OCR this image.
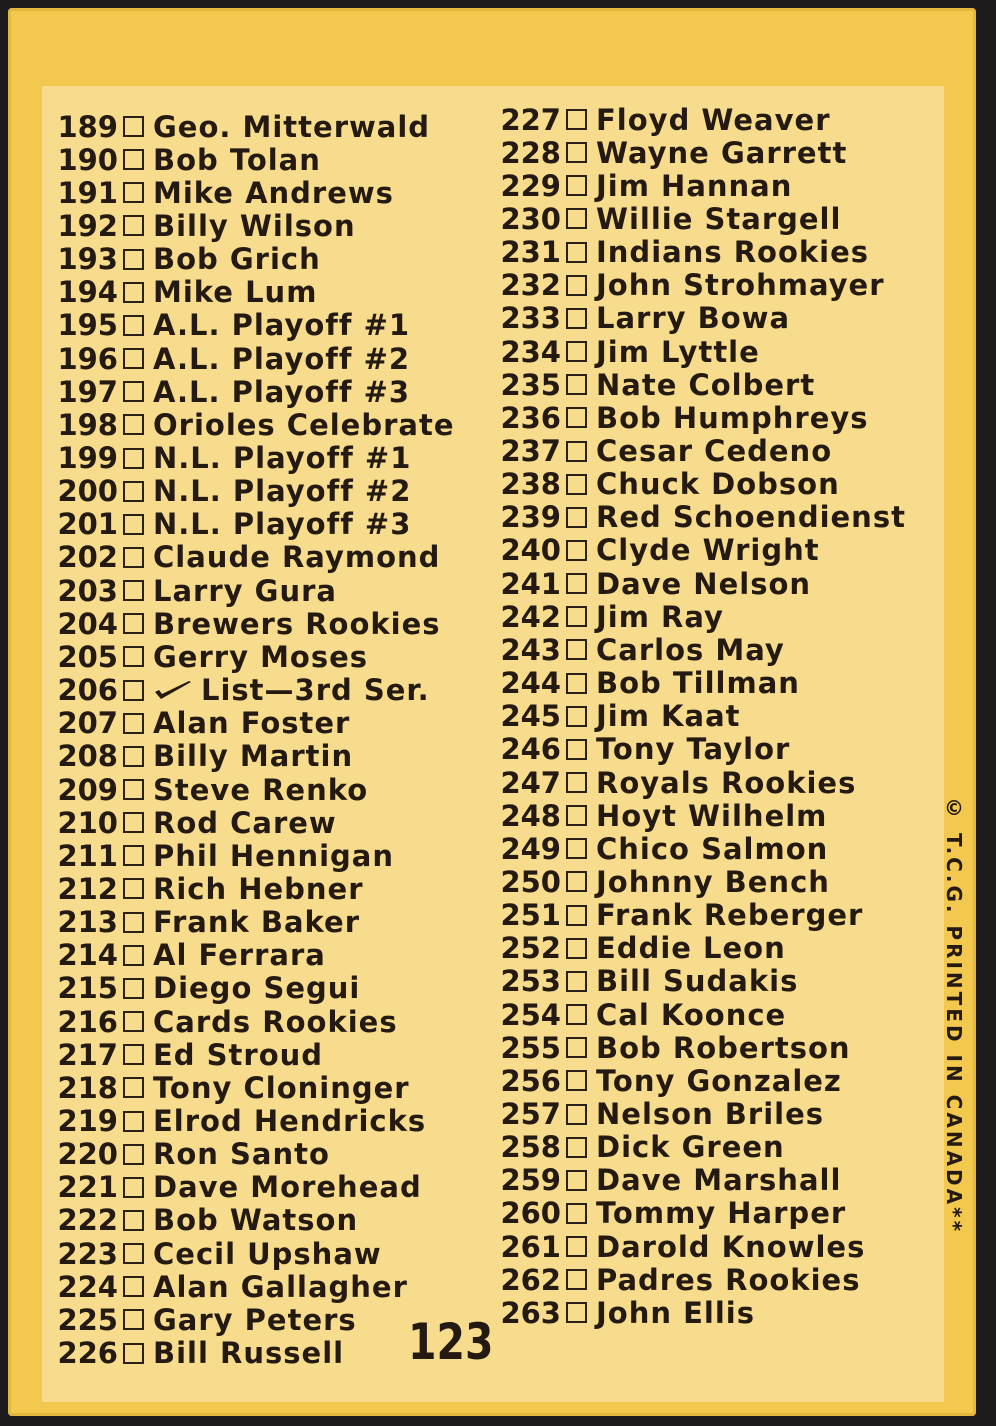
189 Geo. Mitterwald
190 Bob Tolan
191 Mike Andrews
192 Billy Wilson
193 Bob Grich
194 Mike Lum
195 A.L. Playoff #1
196 A.L. Playoff #2
197 A.L. Playoff #3
198 Orioles Celebrate
199 N.L. Playoff #1
200 N.L. Playoff #2
201 N.L. Playoff #3
202 Claude Raymond
203 Larry Gura
204 Brewers Rookies
205 Gerry Moses
206	List—3rd Ser.
207 Alan Foster
208 Billy Martin
209 Steve Renko
210 Rod Carew
211 Phil Hennigan
212 Rich Hebner
213 Frank Baker
214 Al Ferrara
215 Diego Segui
216 Cards Rookies
217 Ed Stroud
218 Tony Cloninger
219 Elrod Hendricks
220 Ron Santo
221 Dave Morehead
222 Bob Watson
223 Cecil Upshaw
224 Alan Gallagher
225 Gary Peters
226 Bill Russell
227 Floyd Weaver
228 Wayne Garrett
229 Jim Hannan
230 Willie Stargell
231 Indians Rookies
232 John Strohmayer
233 Larry Bowa
234 Jim Lyttle
235 Nate Colbert
236 Bob Humphreys
237 Cesar Cedeno
238 Chuck Dobson
239 Red Schoendienst
240 Clyde Wright
241 Dave Nelson
242 Jim Ray
243 Carlos May
244 Bob Tillman
245 Jim Kaat
246 Tony Taylor
247 Royals Rookies
248 Hoyt Wilhelm
249 Chico Salmon
250 Johnny Bench
251 Frank Reberger
252 Eddie Leon
253 Bill Sudakis
254 Cal Koonce
255 Bob Robertson
256 Tony Gonzalez
257 Nelson Briles
258 Dick Green
259 Dave Marshall
260 Tommy Harper
261 Darold Knowles
262 Padres Rookies
263 John Ellis
123
© T.C.G. PRINTED IN CANADA**
